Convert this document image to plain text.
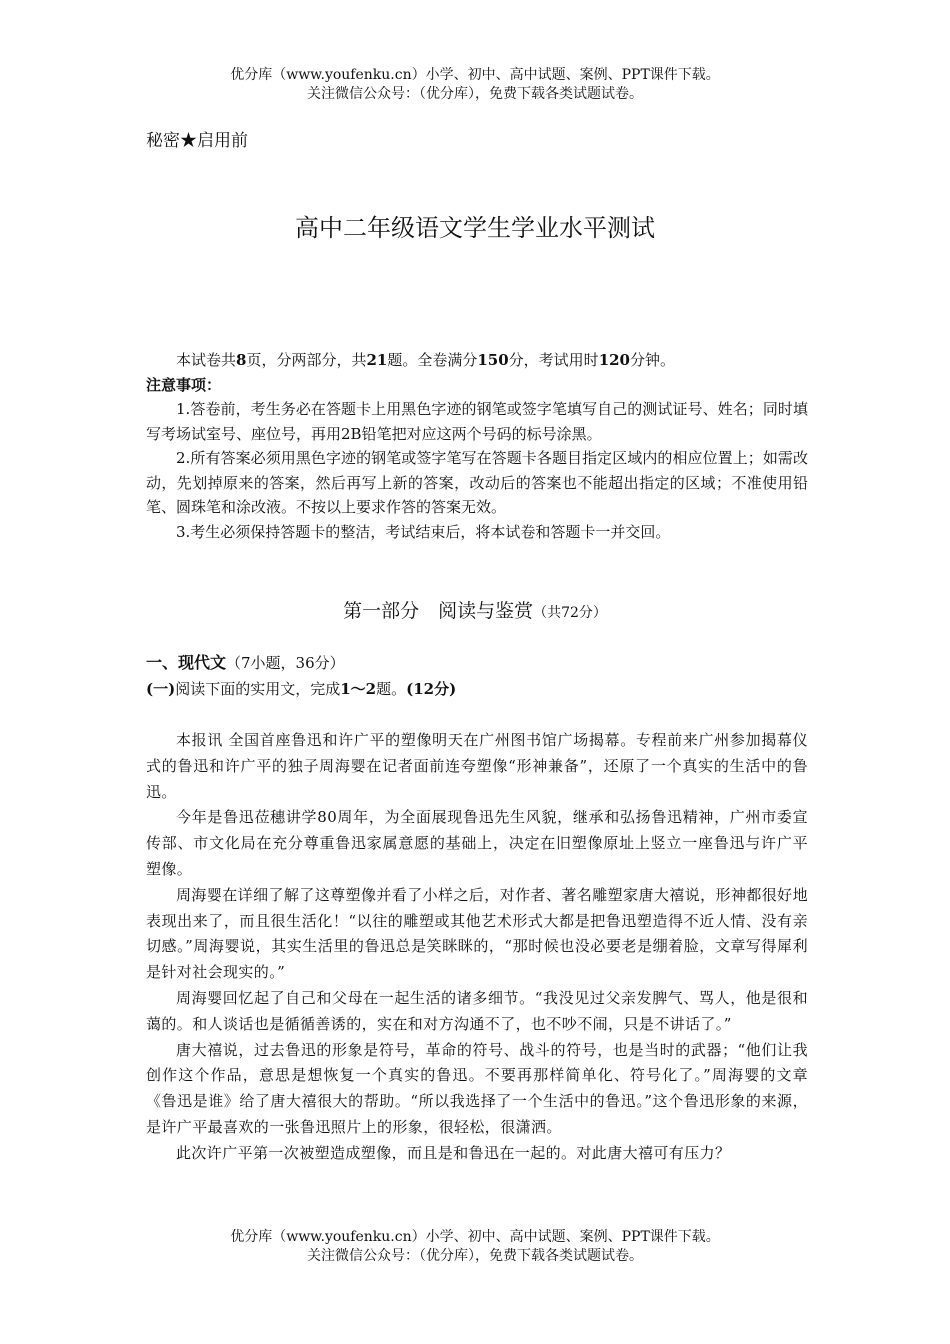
优分库（www.youfenku.cn）小学、初中、高中试题、案例、PPT课件下载。
关注微信公众号：（优分库），免费下载各类试题试卷。
秘密★启用前
高中二年级语文学生学业水平测试

本试卷共8页，分两部分，共21题。全卷满分150分，考试用时120分钟。

注意事项：

1.答卷前，考生务必在答题卡上用黑色字迹的钢笔或签字笔填写自己的测试证号、姓名；同时填写考场试室号、座位号，再用2B铅笔把对应这两个号码的标号涂黑。

2.所有答案必须用黑色字迹的钢笔或签字笔写在答题卡各题目指定区域内的相应位置上；如需改动，先划掉原来的答案，然后再写上新的答案，改动后的答案也不能超出指定的区域；不准使用铅笔、圆珠笔和涂改液。不按以上要求作答的答案无效。

3.考生必须保持答题卡的整洁，考试结束后，将本试卷和答题卡一并交回。

第一部分　阅读与鉴赏（共72分）
一、现代文（7小题，36分）
(一)阅读下面的实用文，完成1～2题。(12分)

本报讯 全国首座鲁迅和许广平的塑像明天在广州图书馆广场揭幕。专程前来广州参加揭幕仪式的鲁迅和许广平的独子周海婴在记者面前连夸塑像“形神兼备”，还原了一个真实的生活中的鲁迅。

今年是鲁迅莅穗讲学80周年，为全面展现鲁迅先生风貌，继承和弘扬鲁迅精神，广州市委宣传部、市文化局在充分尊重鲁迅家属意愿的基础上，决定在旧塑像原址上竖立一座鲁迅与许广平塑像。

周海婴在详细了解了这尊塑像并看了小样之后，对作者、著名雕塑家唐大禧说，形神都很好地表现出来了，而且很生活化！“以往的雕塑或其他艺术形式大都是把鲁迅塑造得不近人情、没有亲切感。”周海婴说，其实生活里的鲁迅总是笑眯眯的，“那时候也没必要老是绷着脸，文章写得犀利是针对社会现实的。”

周海婴回忆起了自己和父母在一起生活的诸多细节。“我没见过父亲发脾气、骂人，他是很和蔼的。和人谈话也是循循善诱的，实在和对方沟通不了，也不吵不闹，只是不讲话了。”

唐大禧说，过去鲁迅的形象是符号，革命的符号、战斗的符号，也是当时的武器；“他们让我创作这个作品，意思是想恢复一个真实的鲁迅。不要再那样简单化、符号化了。”周海婴的文章《鲁迅是谁》给了唐大禧很大的帮助。“所以我选择了一个生活中的鲁迅。”这个鲁迅形象的来源，是许广平最喜欢的一张鲁迅照片上的形象，很轻松，很潇洒。

此次许广平第一次被塑造成塑像，而且是和鲁迅在一起的。对此唐大禧可有压力？

优分库（www.youfenku.cn）小学、初中、高中试题、案例、PPT课件下载。
关注微信公众号：（优分库），免费下载各类试题试卷。
